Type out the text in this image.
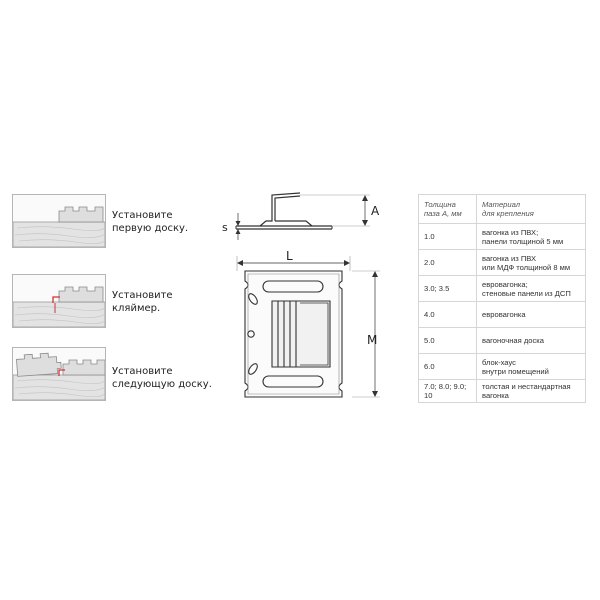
Установите
первую доску.
Установите
кляймер.
Установите
следующую доску.
A
s
L
M
Толщина
паза А, мм	Материал
для крепления
1.0	вагонка из ПВХ;
панели толщиной 5 мм
2.0	вагонка из ПВХ
или МДФ толщиной 8 мм
3.0; 3.5	евровагонка;
стеновые панели из ДСП
4.0	евровагонка
5.0	вагоночная доска
6.0	блок-хаус
внутри помещений
7.0; 8.0; 9.0; 10	толстая и нестандартная
вагонка
